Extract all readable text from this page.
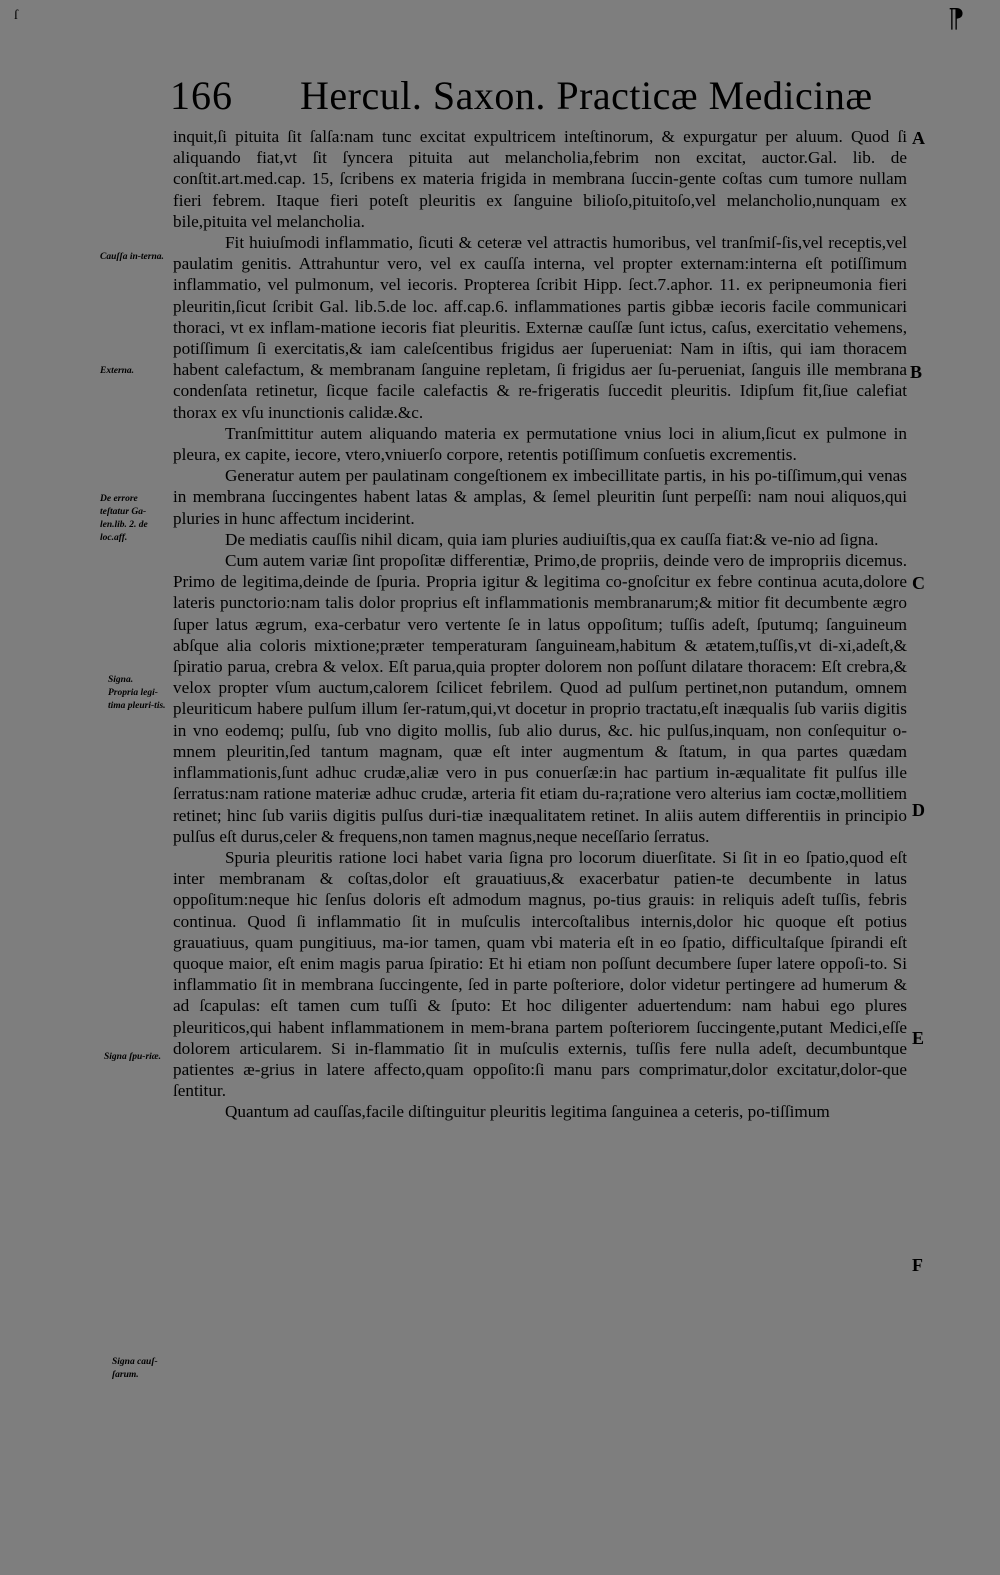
ſ	⁋
166 Hercul. Saxon. Practicæ Medicinæ
Cauſſa in-terna.
Externa.
De errore teſtatur Ga-len.lib. 2. de loc.aff.
Signa.
Propria legi-tima pleuri-tis.
Signa ſpu-riæ.
Signa cauſ-ſarum.
A
B
C
D
E
F

inquit,ſi pituita ſit ſalſa:nam tunc excitat expultricem inteſtinorum, & expurgatur per aluum. Quod ſi aliquando fiat,vt ſit ſyncera pituita aut melancholia,febrim non excitat, auctor.Gal. lib. de conſtit.art.med.cap. 15, ſcribens ex materia frigida in membrana ſuccin-gente coſtas cum tumore nullam fieri febrem. Itaque fieri poteſt pleuritis ex ſanguine bilioſo,pituitoſo,vel melancholio,nunquam ex bile,pituita vel melancholia.

Fit huiuſmodi inflammatio, ſicuti & ceteræ vel attractis humoribus, vel tranſmiſ-ſis,vel receptis,vel paulatim genitis. Attrahuntur vero, vel ex cauſſa interna, vel propter externam:interna eſt potiſſimum inflammatio, vel pulmonum, vel iecoris. Propterea ſcribit Hipp. ſect.7.aphor. 11. ex peripneumonia fieri pleuritin,ſicut ſcribit Gal. lib.5.de loc. aff.cap.6. inflammationes partis gibbæ iecoris facile communicari thoraci, vt ex inflam-matione iecoris fiat pleuritis. Externæ cauſſæ ſunt ictus, caſus, exercitatio vehemens, potiſſimum ſi exercitatis,& iam caleſcentibus frigidus aer ſuperueniat: Nam in iſtis, qui iam thoracem habent calefactum, & membranam ſanguine repletam, ſi frigidus aer ſu-perueniat, ſanguis ille membrana condenſata retinetur, ſicque facile calefactis & re-frigeratis ſuccedit pleuritis. Idipſum fit,ſiue calefiat thorax ex vſu inunctionis calidæ.&c.

Tranſmittitur autem aliquando materia ex permutatione vnius loci in alium,ſicut ex pulmone in pleura, ex capite, iecore, vtero,vniuerſo corpore, retentis potiſſimum conſuetis excrementis.

Generatur autem per paulatinam congeſtionem ex imbecillitate partis, in his po-tiſſimum,qui venas in membrana ſuccingentes habent latas & amplas, & ſemel pleuritin ſunt perpeſſi: nam noui aliquos,qui pluries in hunc affectum inciderint.

De mediatis cauſſis nihil dicam, quia iam pluries audiuiſtis,qua ex cauſſa fiat:& ve-nio ad ſigna.

Cum autem variæ ſint propoſitæ differentiæ, Primo,de propriis, deinde vero de impropriis dicemus. Primo de legitima,deinde de ſpuria. Propria igitur & legitima co-gnoſcitur ex febre continua acuta,dolore lateris punctorio:nam talis dolor proprius eſt inflammationis membranarum;& mitior fit decumbente ægro ſuper latus ægrum, exa-cerbatur vero vertente ſe in latus oppoſitum; tuſſis adeſt, ſputumq; ſanguineum abſque alia coloris mixtione;præter temperaturam ſanguineam,habitum & ætatem,tuſſis,vt di-xi,adeſt,& ſpiratio parua, crebra & velox. Eſt parua,quia propter dolorem non poſſunt dilatare thoracem: Eſt crebra,& velox propter vſum auctum,calorem ſcilicet febrilem. Quod ad pulſum pertinet,non putandum, omnem pleuriticum habere pulſum illum ſer-ratum,qui,vt docetur in proprio tractatu,eſt inæqualis ſub variis digitis in vno eodemq; pulſu, ſub vno digito mollis, ſub alio durus, &c. hic pulſus,inquam, non conſequitur o-mnem pleuritin,ſed tantum magnam, quæ eſt inter augmentum & ſtatum, in qua partes quædam inflammationis,ſunt adhuc crudæ,aliæ vero in pus conuerſæ:in hac partium in-æqualitate fit pulſus ille ſerratus:nam ratione materiæ adhuc crudæ, arteria fit etiam du-ra;ratione vero alterius iam coctæ,mollitiem retinet; hinc ſub variis digitis pulſus duri-tiæ inæqualitatem retinet. In aliis autem differentiis in principio pulſus eſt durus,celer & frequens,non tamen magnus,neque neceſſario ſerratus.

Spuria pleuritis ratione loci habet varia ſigna pro locorum diuerſitate. Si ſit in eo ſpatio,quod eſt inter membranam & coſtas,dolor eſt grauatiuus,& exacerbatur patien-te decumbente in latus oppoſitum:neque hic ſenſus doloris eſt admodum magnus, po-tius grauis: in reliquis adeſt tuſſis, febris continua. Quod ſi inflammatio ſit in muſculis intercoſtalibus internis,dolor hic quoque eſt potius grauatiuus, quam pungitiuus, ma-ior tamen, quam vbi materia eſt in eo ſpatio, difficultaſque ſpirandi eſt quoque maior, eſt enim magis parua ſpiratio: Et hi etiam non poſſunt decumbere ſuper latere oppoſi-to. Si inflammatio ſit in membrana ſuccingente, ſed in parte poſteriore, dolor videtur pertingere ad humerum & ad ſcapulas: eſt tamen cum tuſſi & ſputo: Et hoc diligenter aduertendum: nam habui ego plures pleuriticos,qui habent inflammationem in mem-brana partem poſteriorem ſuccingente,putant Medici,eſſe dolorem articularem. Si in-flammatio ſit in muſculis externis, tuſſis fere nulla adeſt, decumbuntque patientes æ-grius in latere affecto,quam oppoſito:ſi manu pars comprimatur,dolor excitatur,dolor-que ſentitur.

Quantum ad cauſſas,facile diſtinguitur pleuritis legitima ſanguinea a ceteris, po-tiſſimum
